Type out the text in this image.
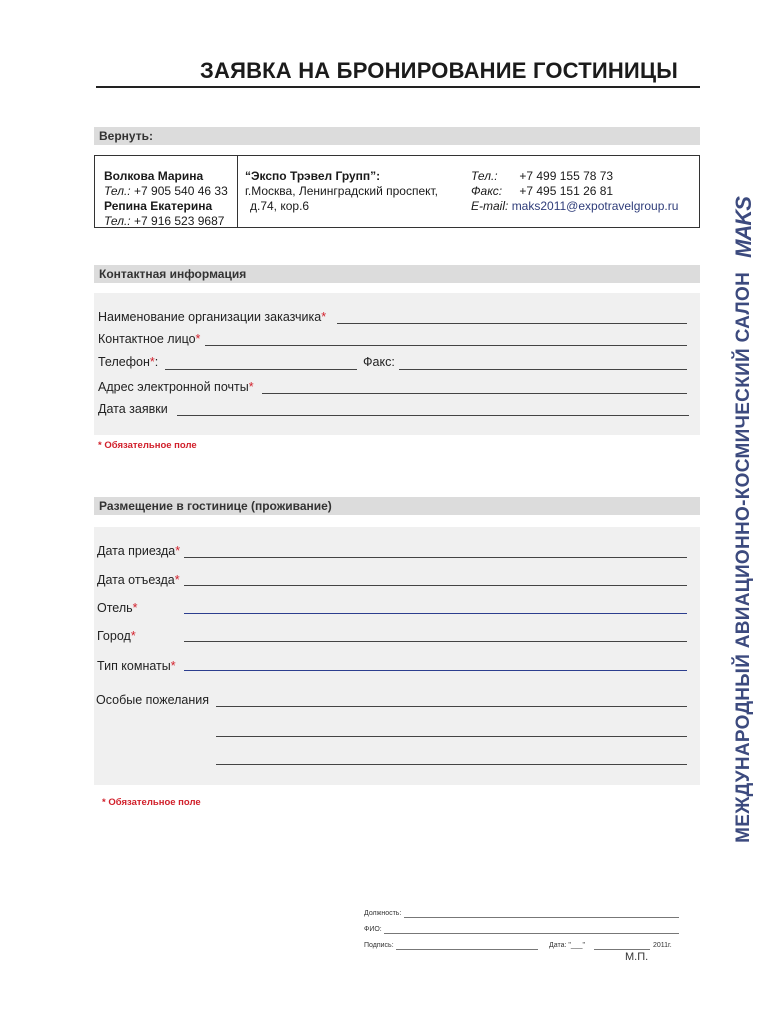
ЗАЯВКА НА БРОНИРОВАНИЕ ГОСТИНИЦЫ
Вернуть:
Волкова Марина
Тел.: +7 905 540 46 33
Репина Екатерина
Тел.: +7 916 523 9687
“Экспо Трэвел Групп”:
г.Москва, Ленинградский проспект,
д.74, кор.6
Тел.: +7 499 155 78 73
Факс: +7 495 151 26 81
E-mail: maks2011@expotravelgroup.ru
Контактная информация
Наименование организации заказчика*
Контактное лицо*
Телефон*:	Факс:
Адрес электронной почты*
Дата заявки
* Обязательное поле
Размещение в гостинице (проживание)
Дата приезда*
Дата отъезда*
Отель*
Город*
Тип комнаты*
Особые пожелания
* Обязательное поле
Должность:
ФИО:
Подпись:	Дата: "___"	2011г.
М.П.
МЕЖДУНАРОДНЫЙ АВИАЦИОННО-КОСМИЧЕСКИЙ САЛОН
MAKS
